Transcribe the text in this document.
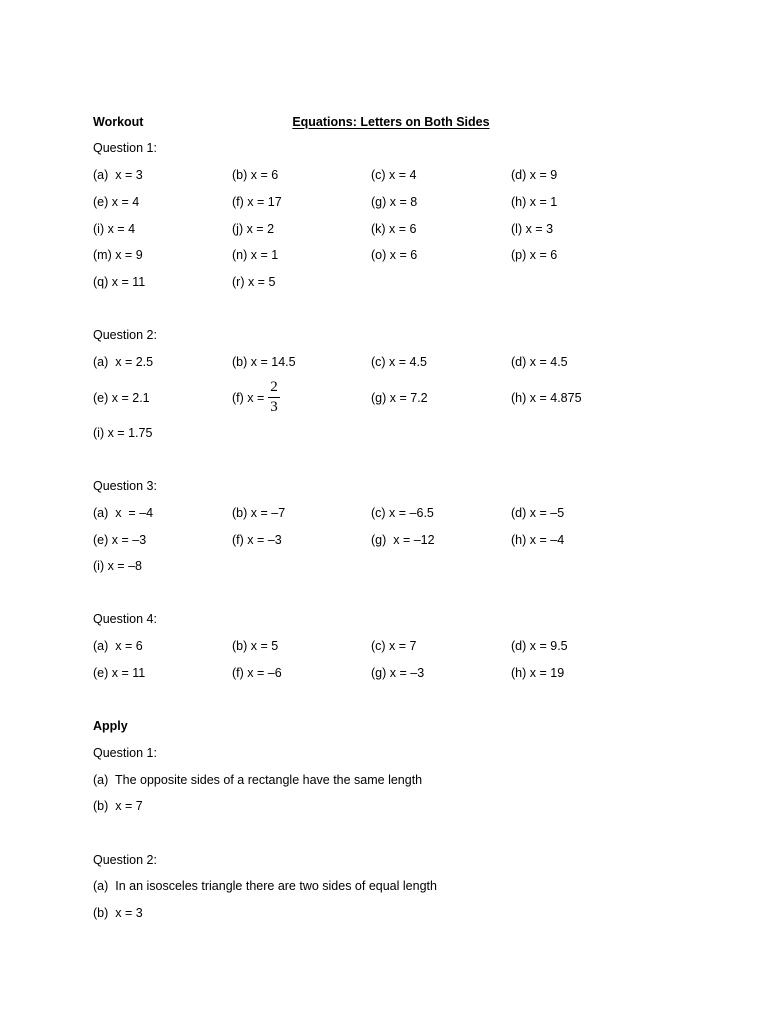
Equations: Letters on Both Sides

Workout
Question 1:
(a)  x = 3	(b) x = 6	(c) x = 4	(d) x = 9
(e) x = 4	(f) x = 17	(g) x = 8	(h) x = 1
(i) x = 4	(j) x = 2	(k) x = 6	(l) x = 3
(m) x = 9	(n) x = 1	(o) x = 6	(p) x = 6
(q) x = 11	(r) x = 5
Question 2:
(a)  x = 2.5	(b) x = 14.5	(c) x = 4.5	(d) x = 4.5
(e) x = 2.1	(f) $x = \frac{2}{3}$	(g) x = 7.2	(h) x = 4.875
(i) x = 1.75
Question 3:
(a)  x  = –4	(b) x = –7	(c) x = –6.5	(d) x = –5
(e) x = –3	(f) x = –3	(g)  x = –12	(h) x = –4
(i) x = –8
Question 4:
(a)  x = 6	(b) x = 5	(c) x = 7	(d) x = 9.5
(e) x = 11	(f) x = –6	(g) x = –3	(h) x = 19
Apply
Question 1:
(a)  The opposite sides of a rectangle have the same length
(b)  x = 7
Question 2:
(a)  In an isosceles triangle there are two sides of equal length
(b)  x = 3
